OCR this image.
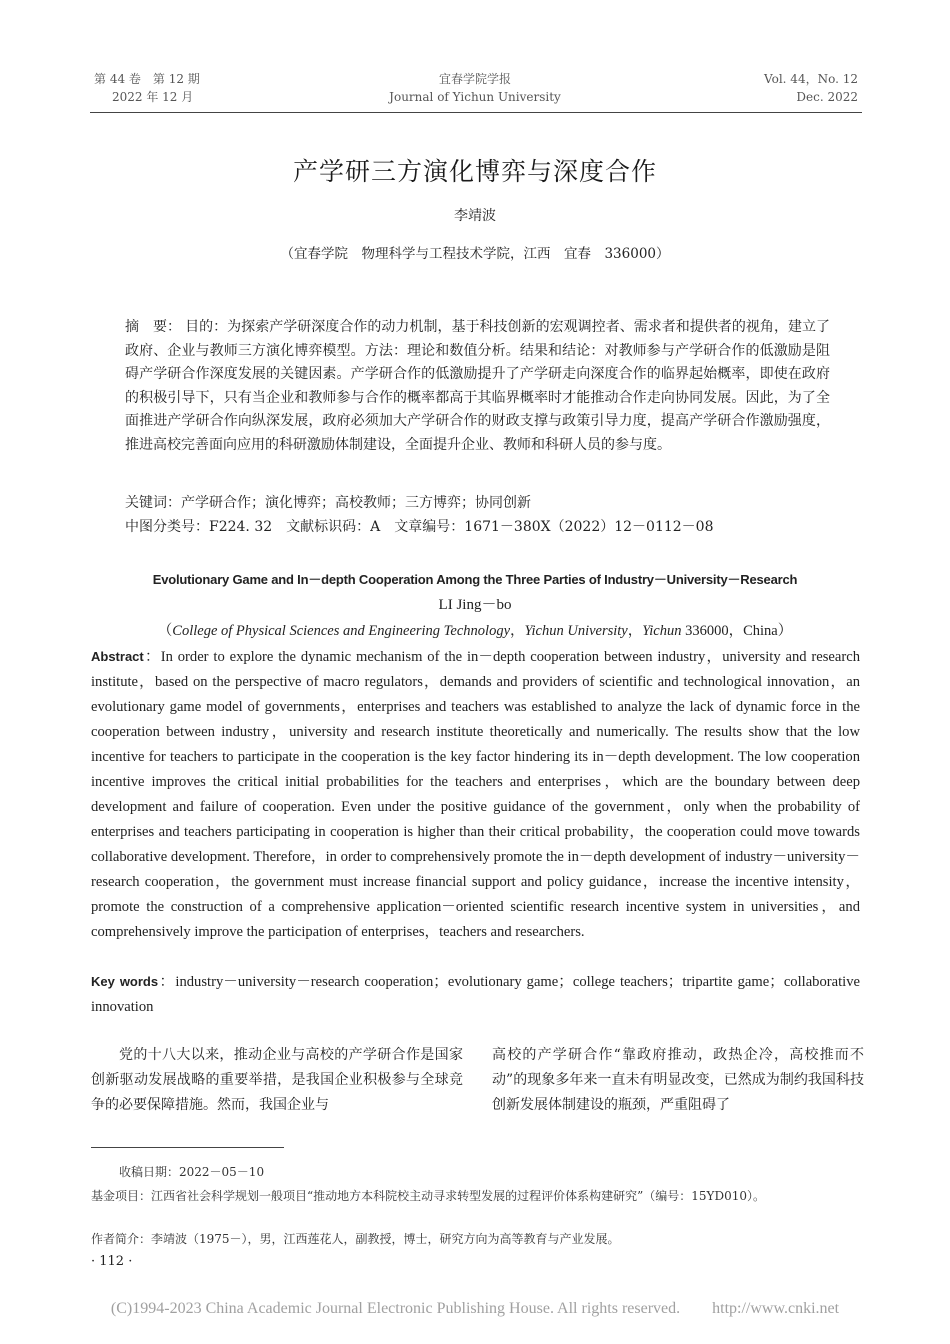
第 44 卷　第 12 期
2022 年 12 月
宜春学院学报
Journal of Yichun University
Vol. 44，No. 12
Dec. 2022
产学研三方演化博弈与深度合作
李靖波
（宜春学院　物理科学与工程技术学院，江西　宜春　336000）
摘　要： 目的：为探索产学研深度合作的动力机制，基于科技创新的宏观调控者、需求者和提供者的视角，建立了政府、企业与教师三方演化博弈模型。方法：理论和数值分析。结果和结论：对教师参与产学研合作的低激励是阻碍产学研合作深度发展的关键因素。产学研合作的低激励提升了产学研走向深度合作的临界起始概率，即使在政府的积极引导下，只有当企业和教师参与合作的概率都高于其临界概率时才能推动合作走向协同发展。因此，为了全面推进产学研合作向纵深发展，政府必须加大产学研合作的财政支撑与政策引导力度，提高产学研合作激励强度，推进高校完善面向应用的科研激励体制建设，全面提升企业、教师和科研人员的参与度。
关键词：产学研合作；演化博弈；高校教师；三方博弈；协同创新
中图分类号：F224. 32 文献标识码：A 文章编号：1671－380X（2022）12－0112－08
Evolutionary Game and In－depth Cooperation Among the Three Parties of Industry－University－Research
LI Jing－bo
（College of Physical Sciences and Engineering Technology，Yichun University，Yichun 336000，China）
Abstract：In order to explore the dynamic mechanism of the in－depth cooperation between industry，university and research institute，based on the perspective of macro regulators，demands and providers of scientific and technological innovation，an evolutionary game model of governments，enterprises and teachers was established to analyze the lack of dynamic force in the cooperation between industry，university and research institute theoretically and numerically. The results show that the low incentive for teachers to participate in the cooperation is the key factor hindering its in－depth development. The low cooperation incentive improves the critical initial probabilities for the teachers and enterprises，which are the boundary between deep development and failure of cooperation. Even under the positive guidance of the government，only when the probability of enterprises and teachers participating in cooperation is higher than their critical probability，the cooperation could move towards collaborative development. Therefore，in order to comprehensively promote the in－depth development of industry－university－research cooperation，the government must increase financial support and policy guidance，increase the incentive intensity，promote the construction of a comprehensive application－oriented scientific research incentive system in universities，and comprehensively improve the participation of enterprises，teachers and researchers.
Key words：industry－university－research cooperation；evolutionary game；college teachers；tripartite game；collaborative innovation
党的十八大以来，推动企业与高校的产学研合作是国家创新驱动发展战略的重要举措，是我国企业积极参与全球竞争的必要保障措施。然而，我国企业与
高校的产学研合作“靠政府推动，政热企冷，高校推而不动”的现象多年来一直未有明显改变，已然成为制约我国科技创新发展体制建设的瓶颈，严重阻碍了
收稿日期：2022－05－10
基金项目：江西省社会科学规划一般项目“推动地方本科院校主动寻求转型发展的过程评价体系构建研究”（编号：15YD010）。
作者简介：李靖波（1975－），男，江西莲花人，副教授，博士，研究方向为高等教育与产业发展。
· 112 ·
(C)1994-2023 China Academic Journal Electronic Publishing House. All rights reserved.　　http://www.cnki.net
